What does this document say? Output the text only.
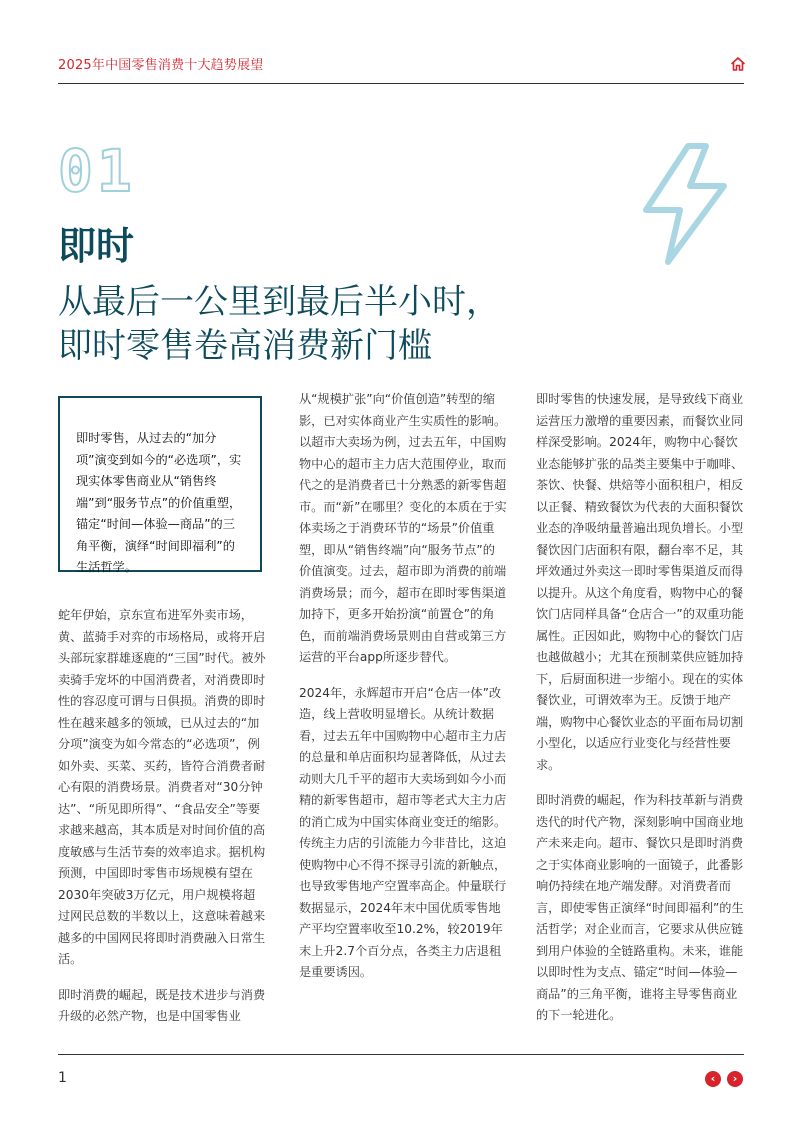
2025年中国零售消费十大趋势展望
01
即时
从最后一公里到最后半小时，
即时零售卷高消费新门槛
即时零售，从过去的“加分项”演变到如今的“必选项”，实现实体零售商业从“销售终端”到“服务节点”的价值重塑，锚定“时间—体验—商品”的三角平衡，演绎“时间即福利”的生活哲学。

蛇年伊始，京东宣布进军外卖市场，黄、蓝骑手对弈的市场格局，或将开启头部玩家群雄逐鹿的“三国”时代。被外卖骑手宠坏的中国消费者，对消费即时性的容忍度可谓与日俱损。消费的即时性在越来越多的领域，已从过去的“加分项”演变为如今常态的“必选项”，例如外卖、买菜、买药，皆符合消费者耐心有限的消费场景。消费者对“30分钟达”、“所见即所得”、“食品安全”等要求越来越高，其本质是对时间价值的高度敏感与生活节奏的效率追求。据机构预测，中国即时零售市场规模有望在2030年突破3万亿元，用户规模将超过网民总数的半数以上，这意味着越来越多的中国网民将即时消费融入日常生活。

即时消费的崛起，既是技术进步与消费升级的必然产物，也是中国零售业

从“规模扩张”向“价值创造”转型的缩影，已对实体商业产生实质性的影响。以超市大卖场为例，过去五年，中国购物中心的超市主力店大范围停业，取而代之的是消费者已十分熟悉的新零售超市。而“新”在哪里？变化的本质在于实体卖场之于消费环节的“场景”价值重塑，即从“销售终端”向“服务节点”的价值演变。过去，超市即为消费的前端消费场景；而今，超市在即时零售渠道加持下，更多开始扮演“前置仓”的角色，而前端消费场景则由自营或第三方运营的平台app所逐步替代。

2024年，永辉超市开启“仓店一体”改造，线上营收明显增长。从统计数据看，过去五年中国购物中心超市主力店的总量和单店面积均显著降低，从过去动则大几千平的超市大卖场到如今小而精的新零售超市，超市等老式大主力店的消亡成为中国实体商业变迁的缩影。传统主力店的引流能力今非昔比，这迫使购物中心不得不探寻引流的新触点，也导致零售地产空置率高企。仲量联行数据显示，2024年末中国优质零售地产平均空置率收至10.2%，较2019年末上升2.7个百分点，各类主力店退租是重要诱因。

即时零售的快速发展，是导致线下商业运营压力激增的重要因素，而餐饮业同样深受影响。2024年，购物中心餐饮业态能够扩张的品类主要集中于咖啡、茶饮、快餐、烘焙等小面积租户，相反以正餐、精致餐饮为代表的大面积餐饮业态的净吸纳量普遍出现负增长。小型餐饮因门店面积有限，翻台率不足，其坪效通过外卖这一即时零售渠道反而得以提升。从这个角度看，购物中心的餐饮门店同样具备“仓店合一”的双重功能属性。正因如此，购物中心的餐饮门店也越做越小；尤其在预制菜供应链加持下，后厨面积进一步缩小。现在的实体餐饮业，可谓效率为王。反馈于地产端，购物中心餐饮业态的平面布局切割小型化，以适应行业变化与经营性要求。

即时消费的崛起，作为科技革新与消费迭代的时代产物，深刻影响中国商业地产未来走向。超市、餐饮只是即时消费之于实体商业影响的一面镜子，此番影响仍持续在地产端发酵。对消费者而言，即使零售正演绎“时间即福利”的生活哲学；对企业而言，它要求从供应链到用户体验的全链路重构。未来，谁能以即时性为支点、锚定“时间—体验—商品”的三角平衡，谁将主导零售商业的下一轮进化。

1	‹	›
